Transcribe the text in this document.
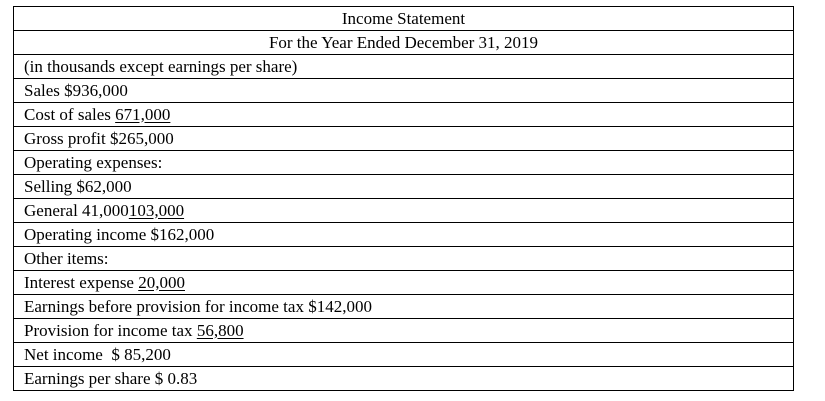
Income Statement
For the Year Ended December 31, 2019
(in thousands except earnings per share)
Sales $936,000
Cost of sales 671,000
Gross profit $265,000
Operating expenses:
Selling $62,000
General 41,000103,000
Operating income $162,000
Other items:
Interest expense 20,000
Earnings before provision for income tax $142,000
Provision for income tax 56,800
Net income  $ 85,200
Earnings per share $ 0.83
